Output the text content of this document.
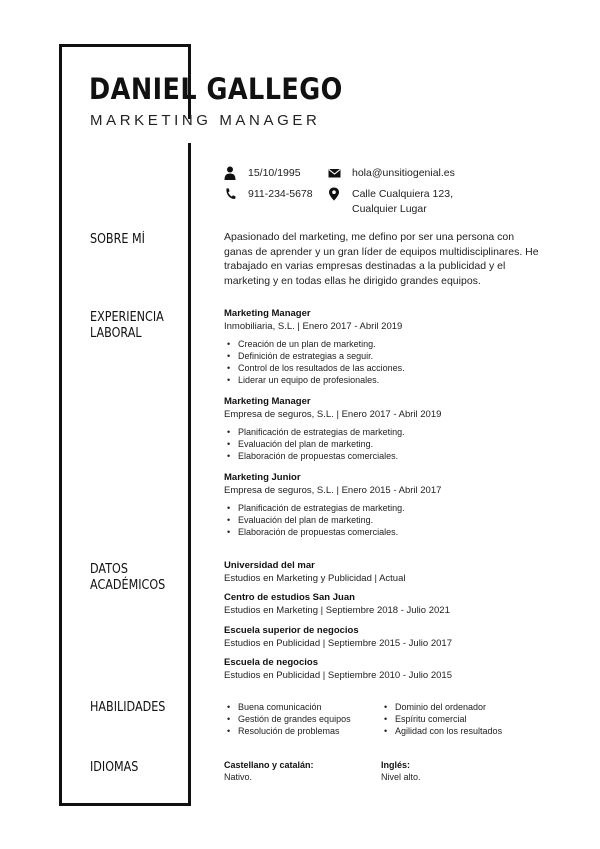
DANIEL GALLEGO
MARKETING MANAGER
15/10/1995	hola@unsitiogenial.es
911-234-5678	Calle Cualquiera 123,
Cualquier Lugar
SOBRE MÍ
EXPERIENCIA
LABORAL
DATOS
ACADÉMICOS
HABILIDADES
IDIOMAS

Apasionado del marketing, me defino por ser una persona con ganas de aprender y un gran líder de equipos multidisciplinares. He trabajado en varias empresas destinadas a la publicidad y el marketing y en todas ellas he dirigido grandes equipos.

Marketing Manager
Inmobiliaria, S.L. | Enero 2017 - Abril 2019
• Creación de un plan de marketing.
• Definición de estrategias a seguir.
• Control de los resultados de las acciones.
• Liderar un equipo de profesionales.
Marketing Manager
Empresa de seguros, S.L. | Enero 2017 - Abril 2019
• Planificación de estrategias de marketing.
• Evaluación del plan de marketing.
• Elaboración de propuestas comerciales.
Marketing Junior
Empresa de seguros, S.L. | Enero 2015 - Abril 2017
• Planificación de estrategias de marketing.
• Evaluación del plan de marketing.
• Elaboración de propuestas comerciales.
Universidad del mar
Estudios en Marketing y Publicidad | Actual
Centro de estudios San Juan
Estudios en Marketing | Septiembre 2018 - Julio 2021
Escuela superior de negocios
Estudios en Publicidad | Septiembre 2015 - Julio 2017
Escuela de negocios
Estudios en Publicidad | Septiembre 2010 - Julio 2015
• Buena comunicación
• Gestión de grandes equipos
• Resolución de problemas
• Dominio del ordenador
• Espíritu comercial
• Agilidad con los resultados
Castellano y catalán:
Nativo.
Inglés:
Nivel alto.
